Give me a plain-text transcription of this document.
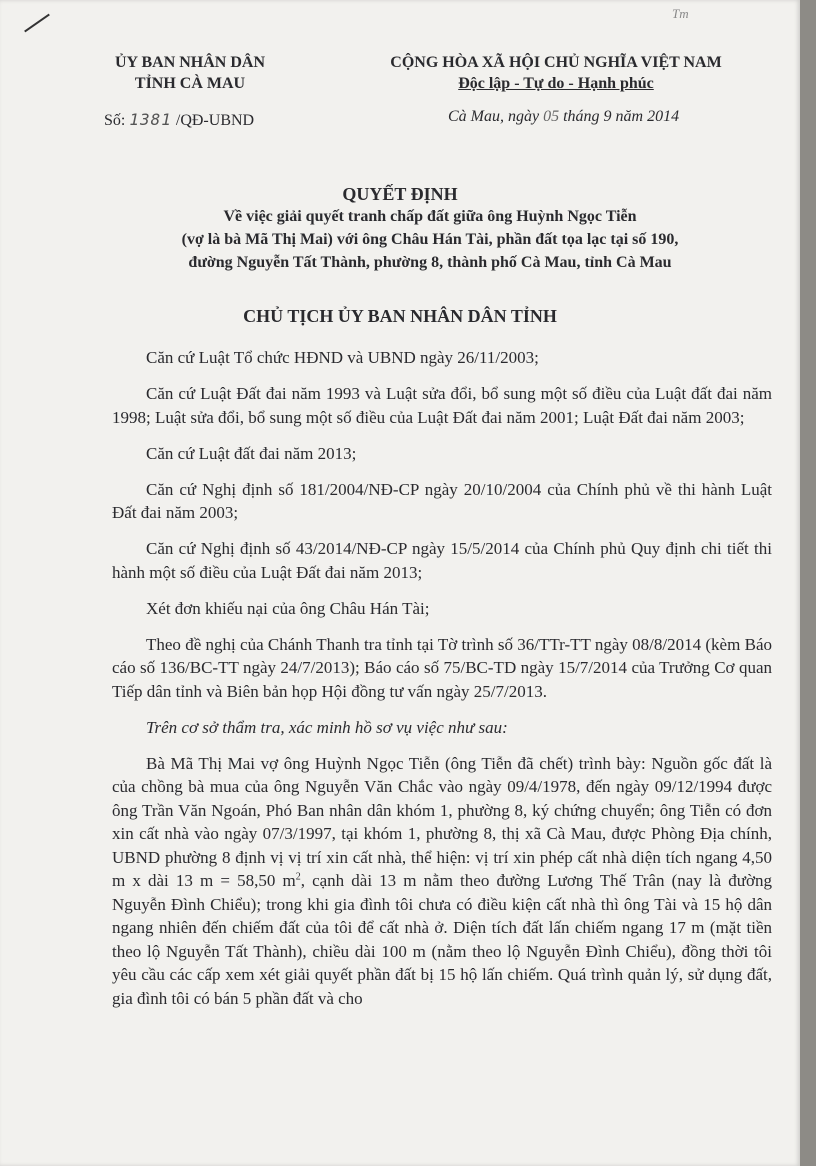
Tm
ỦY BAN NHÂN DÂN
TỈNH CÀ MAU
CỘNG HÒA XÃ HỘI CHỦ NGHĨA VIỆT NAM
Độc lập - Tự do - Hạnh phúc
Số: 1381 /QĐ-UBND	Cà Mau, ngày 05 tháng 9 năm 2014
QUYẾT ĐỊNH
Về việc giải quyết tranh chấp đất giữa ông Huỳnh Ngọc Tiễn
(vợ là bà Mã Thị Mai) với ông Châu Hán Tài, phần đất tọa lạc tại số 190,
đường Nguyễn Tất Thành, phường 8, thành phố Cà Mau, tỉnh Cà Mau
CHỦ TỊCH ỦY BAN NHÂN DÂN TỈNH

Căn cứ Luật Tổ chức HĐND và UBND ngày 26/11/2003;

Căn cứ Luật Đất đai năm 1993 và Luật sửa đổi, bổ sung một số điều của Luật đất đai năm 1998; Luật sửa đổi, bổ sung một số điều của Luật Đất đai năm 2001; Luật Đất đai năm 2003;

Căn cứ Luật đất đai năm 2013;

Căn cứ Nghị định số 181/2004/NĐ-CP ngày 20/10/2004 của Chính phủ về thi hành Luật Đất đai năm 2003;

Căn cứ Nghị định số 43/2014/NĐ-CP ngày 15/5/2014 của Chính phủ Quy định chi tiết thi hành một số điều của Luật Đất đai năm 2013;

Xét đơn khiếu nại của ông Châu Hán Tài;

Theo đề nghị của Chánh Thanh tra tỉnh tại Tờ trình số 36/TTr-TT ngày 08/8/2014 (kèm Báo cáo số 136/BC-TT ngày 24/7/2013); Báo cáo số 75/BC-TD ngày 15/7/2014 của Trưởng Cơ quan Tiếp dân tỉnh và Biên bản họp Hội đồng tư vấn ngày 25/7/2013.

Trên cơ sở thẩm tra, xác minh hồ sơ vụ việc như sau:

Bà Mã Thị Mai vợ ông Huỳnh Ngọc Tiễn (ông Tiễn đã chết) trình bày: Nguồn gốc đất là của chồng bà mua của ông Nguyễn Văn Chắc vào ngày 09/4/1978, đến ngày 09/12/1994 được ông Trần Văn Ngoán, Phó Ban nhân dân khóm 1, phường 8, ký chứng chuyển; ông Tiễn có đơn xin cất nhà vào ngày 07/3/1997, tại khóm 1, phường 8, thị xã Cà Mau, được Phòng Địa chính, UBND phường 8 định vị vị trí xin cất nhà, thể hiện: vị trí xin phép cất nhà diện tích ngang 4,50 m x dài 13 m = 58,50 $m^2$, cạnh dài 13 m nằm theo đường Lương Thế Trân (nay là đường Nguyễn Đình Chiểu); trong khi gia đình tôi chưa có điều kiện cất nhà thì ông Tài và 15 hộ dân ngang nhiên đến chiếm đất của tôi để cất nhà ở. Diện tích đất lấn chiếm ngang 17 m (mặt tiền theo lộ Nguyễn Tất Thành), chiều dài 100 m (nằm theo lộ Nguyễn Đình Chiểu), đồng thời tôi yêu cầu các cấp xem xét giải quyết phần đất bị 15 hộ lấn chiếm. Quá trình quản lý, sử dụng đất, gia đình tôi có bán 5 phần đất và cho
